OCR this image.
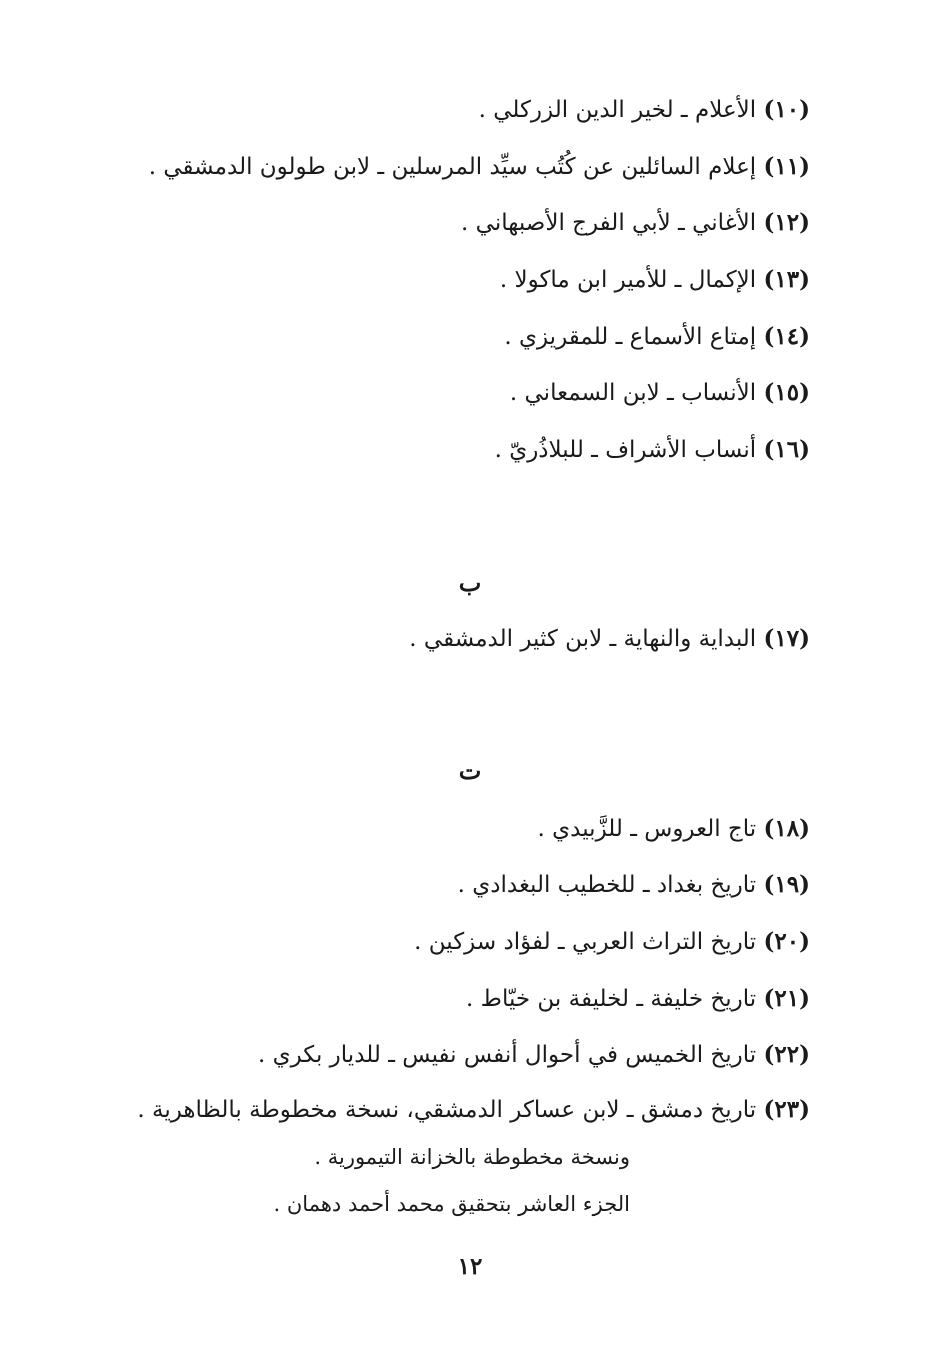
(١٠) الأعلام ـ لخير الدين الزركلي .

(١١) إعلام السائلين عن كُتُب سيِّد المرسلين ـ لابن طولون الدمشقي .

(١٢) الأغاني ـ لأبي الفرج الأصبهاني .

(١٣) الإكمال ـ للأمير ابن ماكولا .

(١٤) إمتاع الأسماع ـ للمقريزي .

(١٥) الأنساب ـ لابن السمعاني .

(١٦) أنساب الأشراف ـ للبلاذُريّ .

ب

(١٧) البداية والنهاية ـ لابن كثير الدمشقي .

ت

(١٨) تاج العروس ـ للزَّبيدي .

(١٩) تاريخ بغداد ـ للخطيب البغدادي .

(٢٠) تاريخ التراث العربي ـ لفؤاد سزكين .

(٢١) تاريخ خليفة ـ لخليفة بن خيّاط .

(٢٢) تاريخ الخميس في أحوال أنفس نفيس ـ للديار بكري .

(٢٣) تاريخ دمشق ـ لابن عساكر الدمشقي، نسخة مخطوطة بالظاهرية .

ونسخة مخطوطة بالخزانة التيمورية .

الجزء العاشر بتحقيق محمد أحمد دهمان .

١٢
